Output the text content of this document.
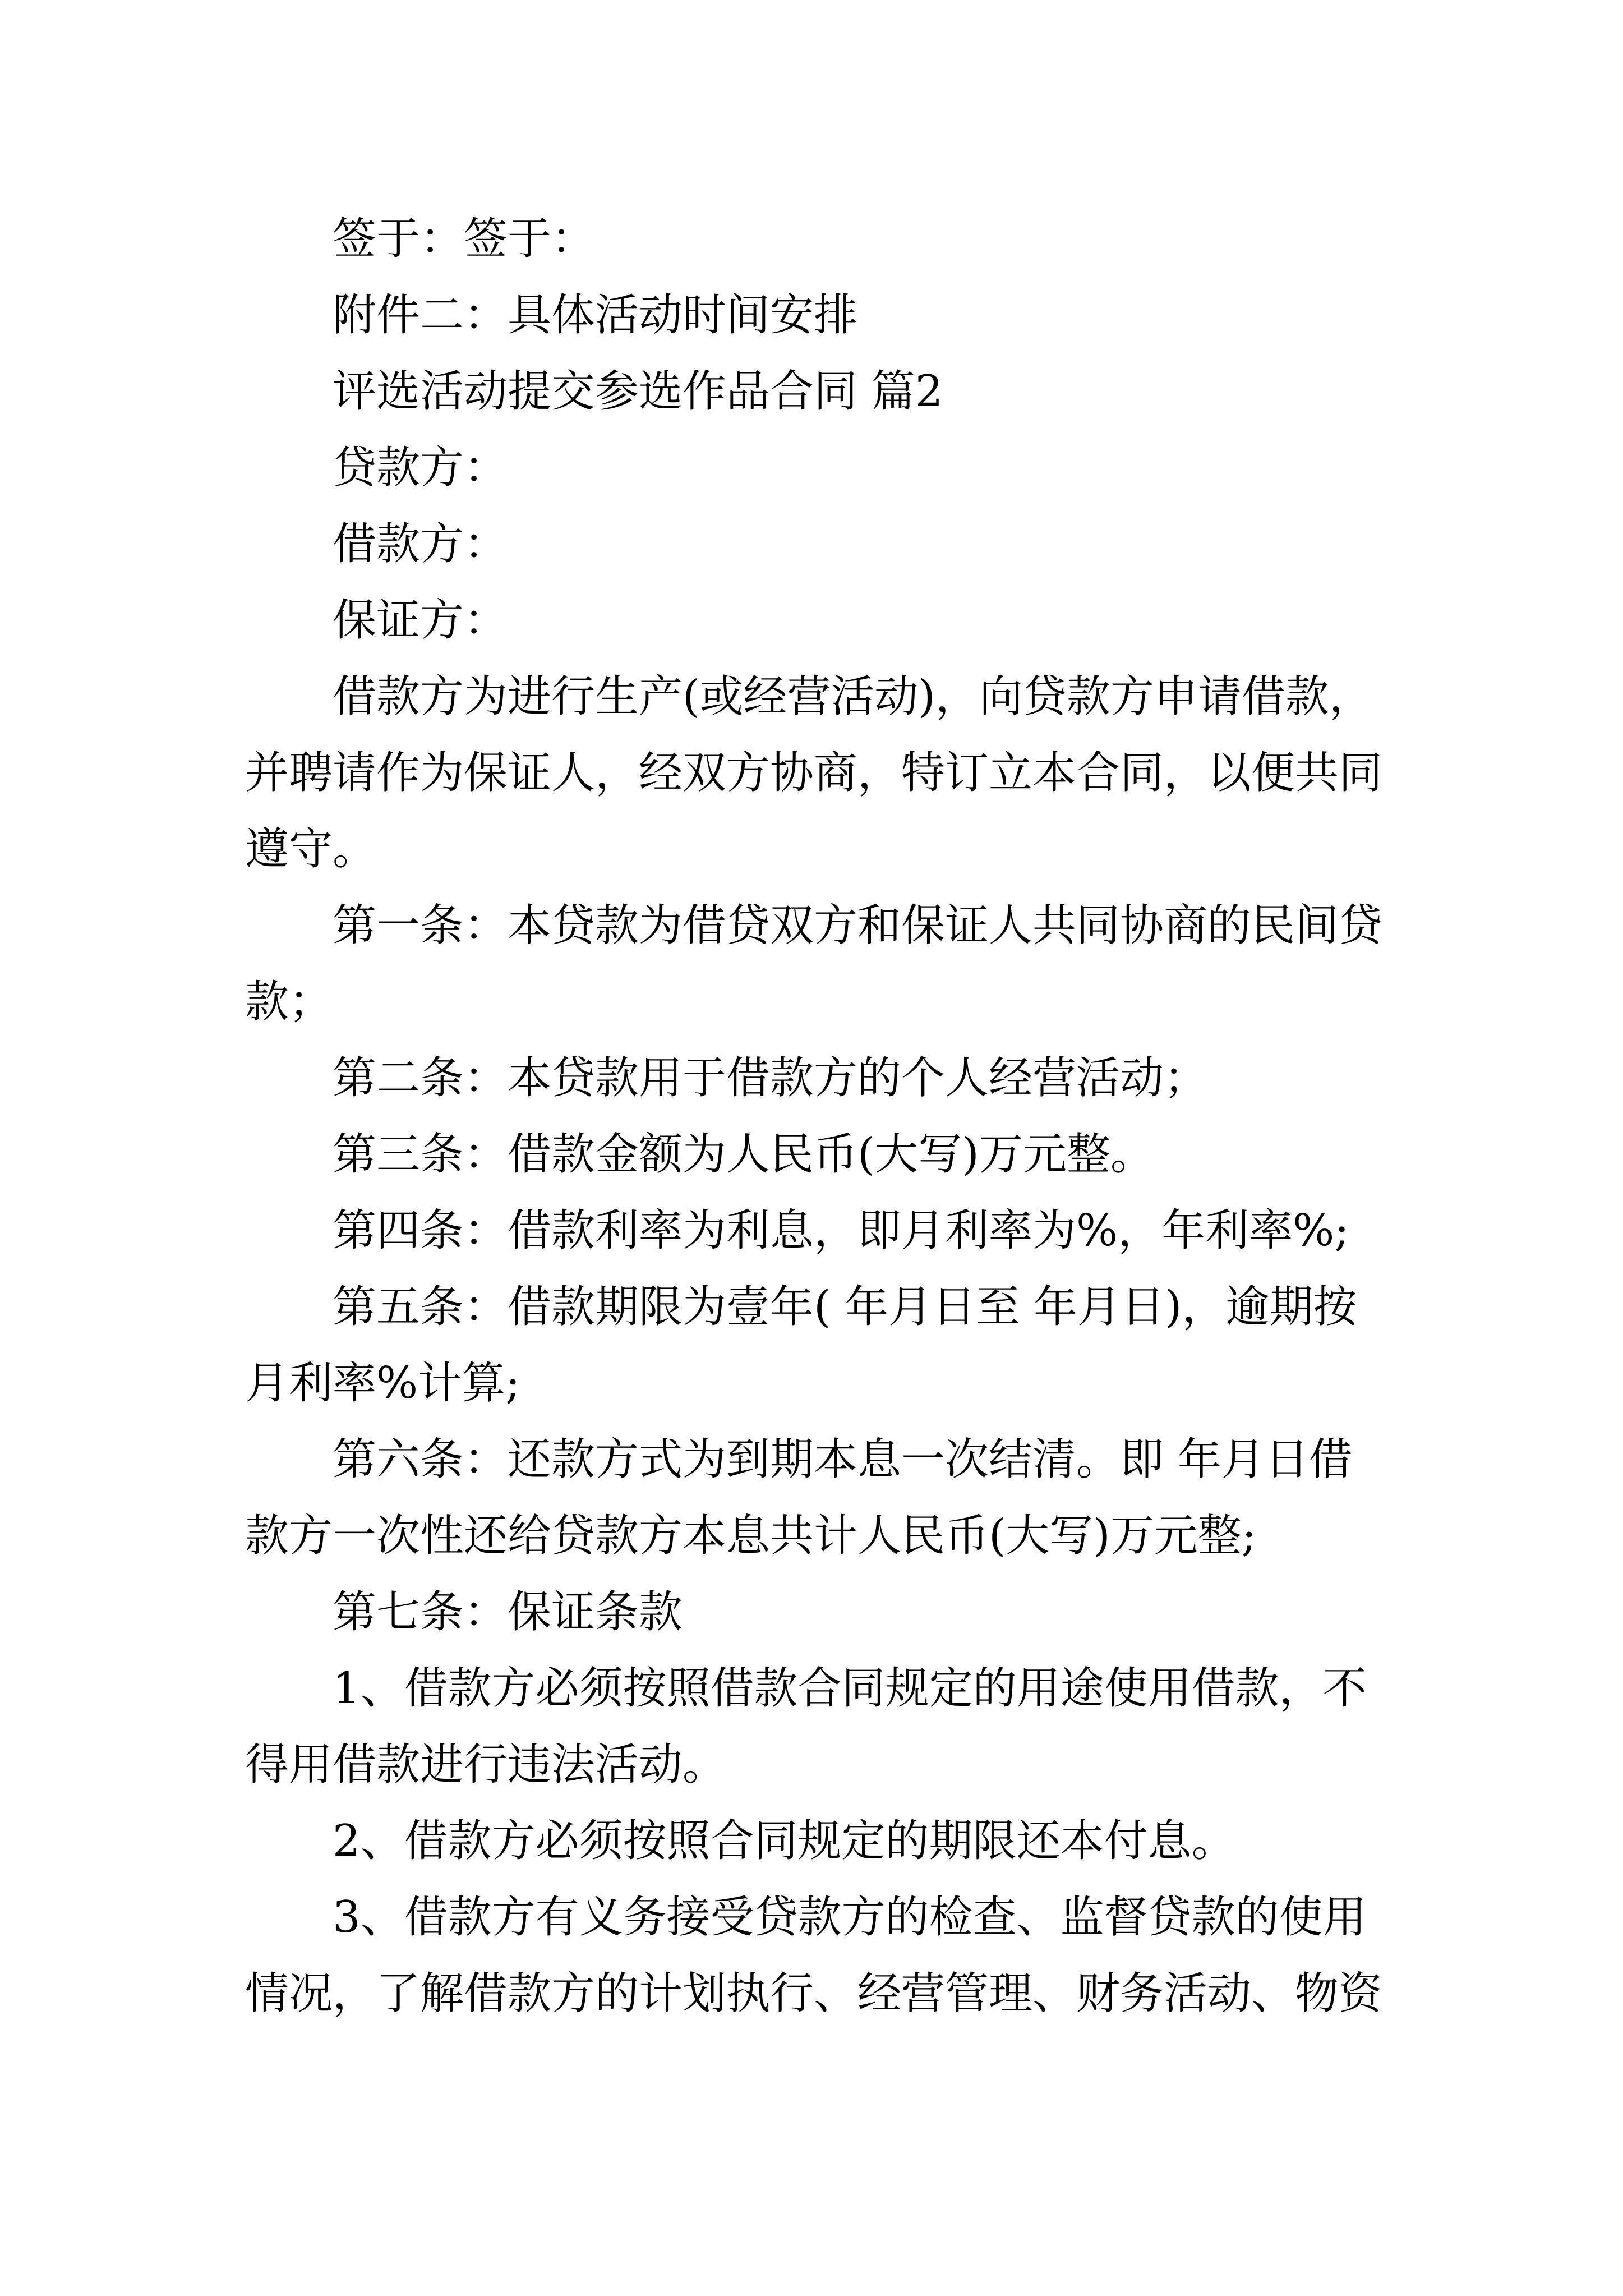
签于：签于：
附件二：具体活动时间安排
评选活动提交参选作品合同 篇2
贷款方：
借款方：
保证方：
借款方为进行生产(或经营活动)，向贷款方申请借款，
并聘请作为保证人，经双方协商，特订立本合同，以便共同
遵守。
第一条：本贷款为借贷双方和保证人共同协商的民间贷
款；
第二条：本贷款用于借款方的个人经营活动；
第三条：借款金额为人民币(大写)万元整。
第四条：借款利率为利息，即月利率为%，年利率%;
第五条：借款期限为壹年( 年月日至 年月日)，逾期按
月利率%计算;
第六条：还款方式为到期本息一次结清。即 年月日借
款方一次性还给贷款方本息共计人民币(大写)万元整;
第七条：保证条款
1、借款方必须按照借款合同规定的用途使用借款，不
得用借款进行违法活动。
2、借款方必须按照合同规定的期限还本付息。
3、借款方有义务接受贷款方的检查、监督贷款的使用
情况，了解借款方的计划执行、经营管理、财务活动、物资
